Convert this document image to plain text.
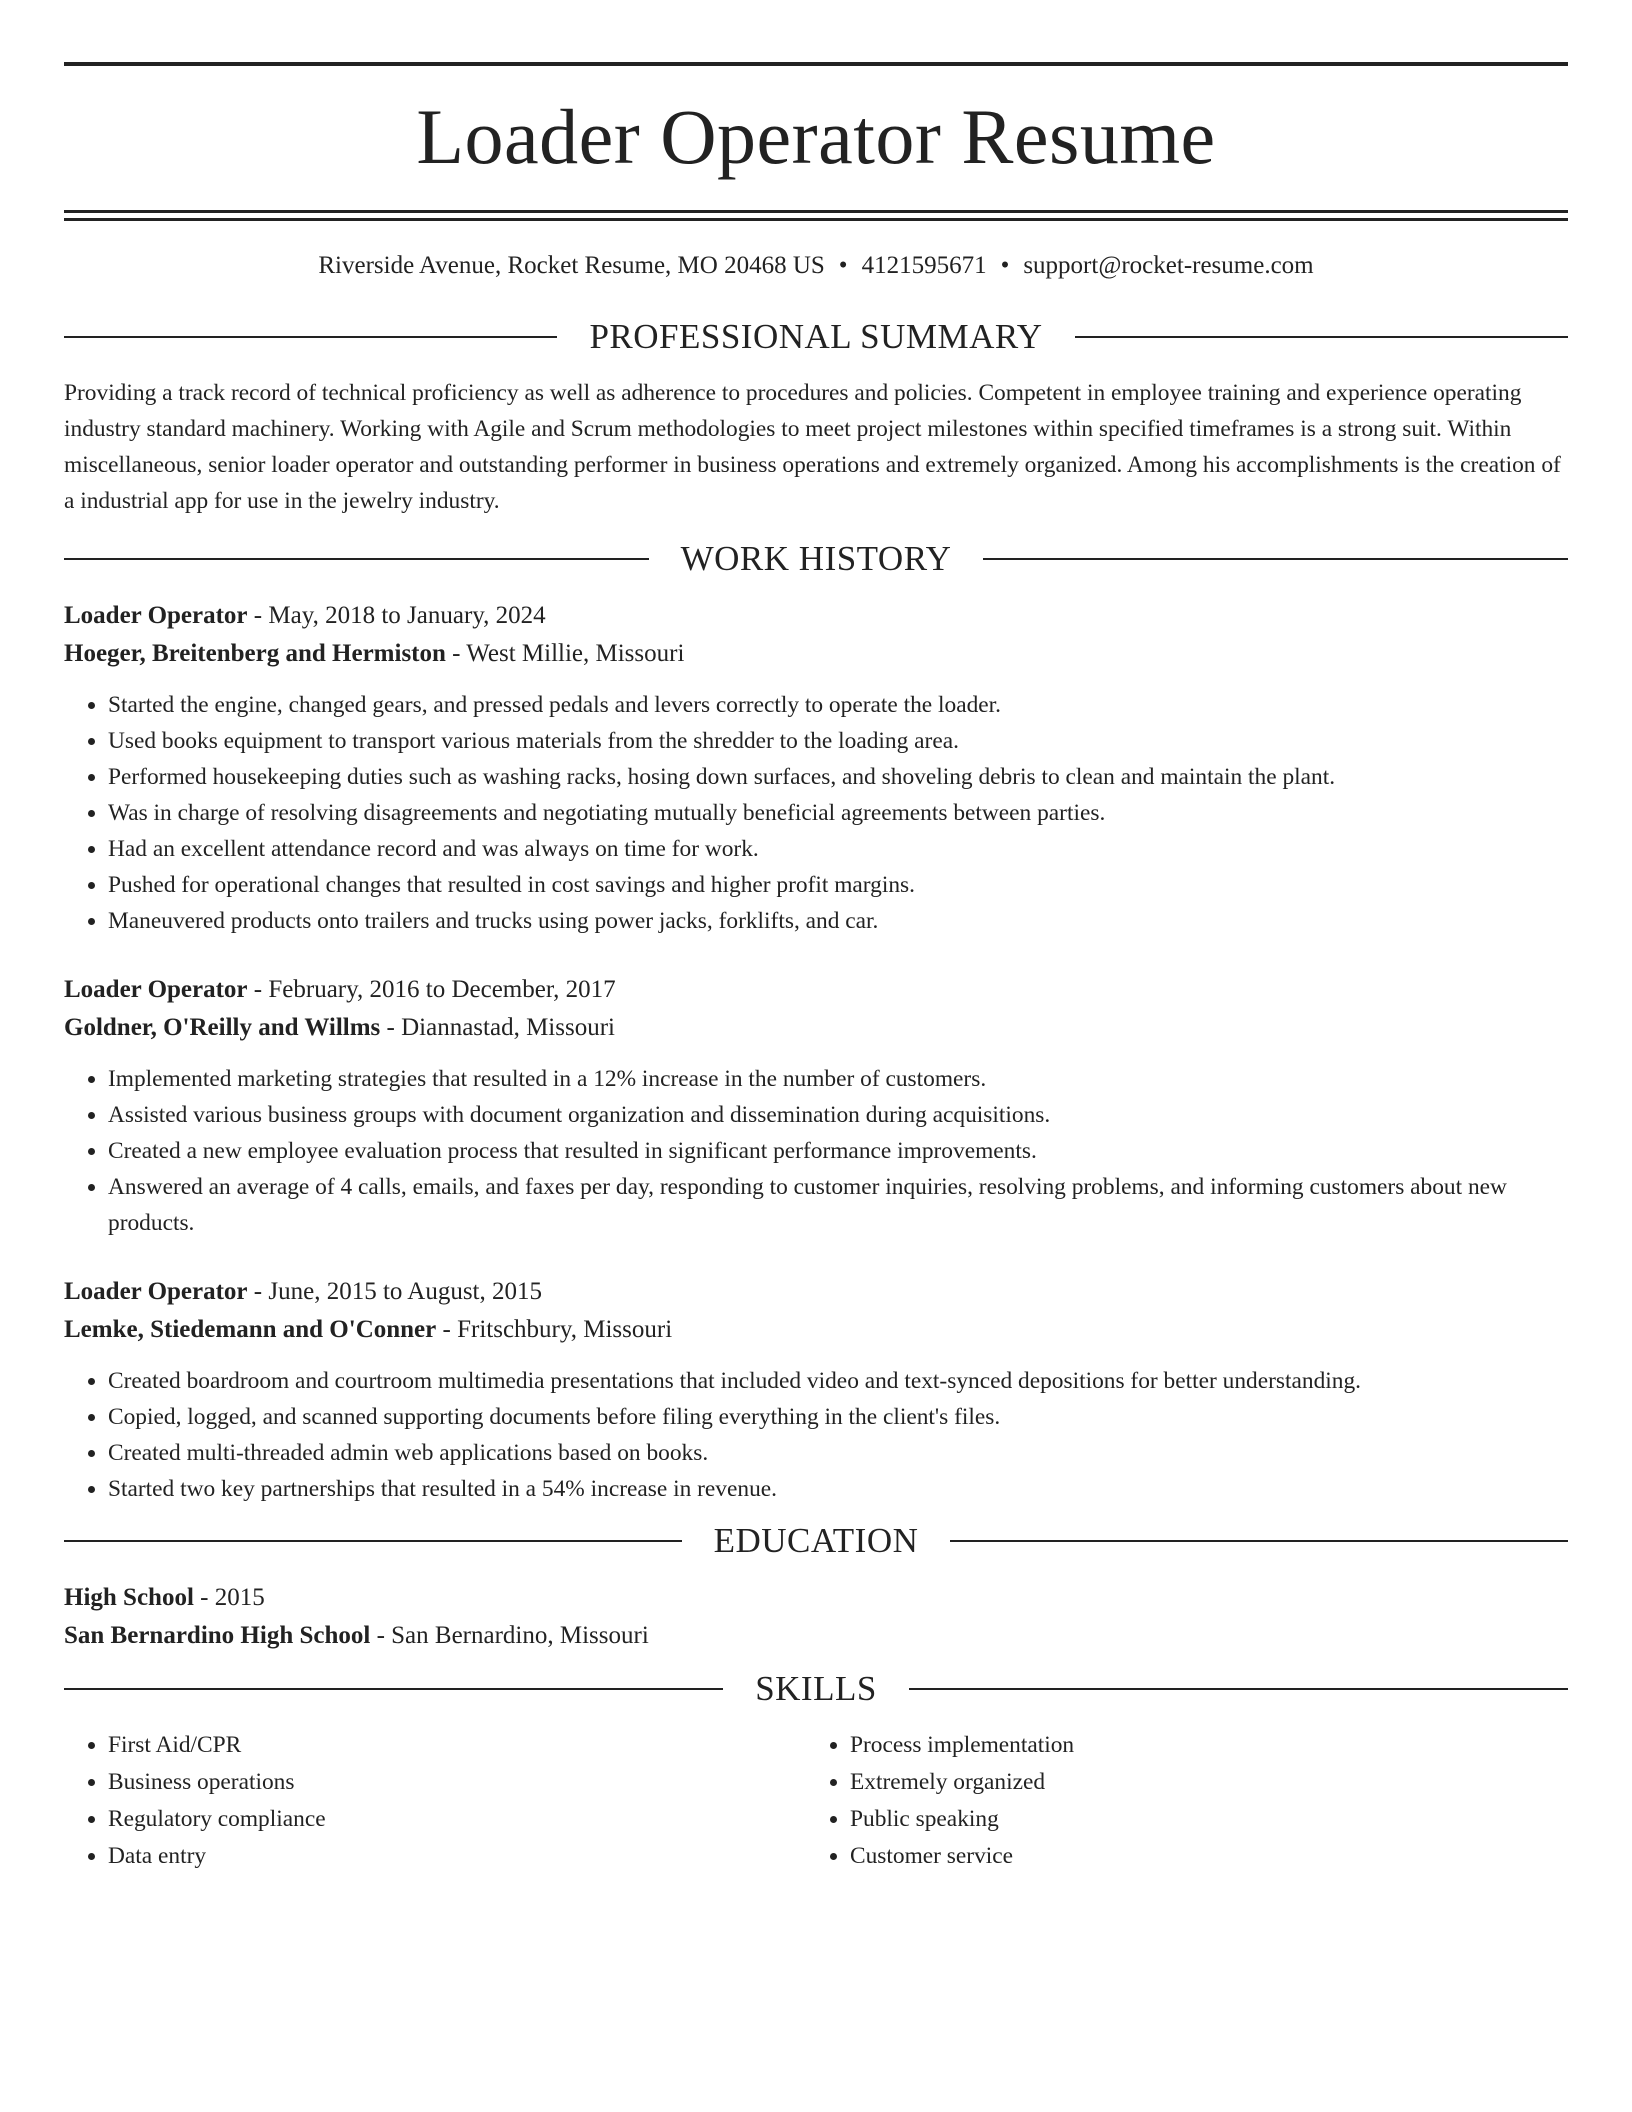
Loader Operator Resume
Riverside Avenue, Rocket Resume, MO 20468 US • 4121595671 • support@rocket-resume.com
PROFESSIONAL SUMMARY

Providing a track record of technical proficiency as well as adherence to procedures and policies. Competent in employee training and experience operating industry standard machinery. Working with Agile and Scrum methodologies to meet project milestones within specified timeframes is a strong suit. Within miscellaneous, senior loader operator and outstanding performer in business operations and extremely organized. Among his accomplishments is the creation of a industrial app for use in the jewelry industry.

WORK HISTORY
Loader Operator - May, 2018 to January, 2024
Hoeger, Breitenberg and Hermiston - West Millie, Missouri
• Started the engine, changed gears, and pressed pedals and levers correctly to operate the loader.
• Used books equipment to transport various materials from the shredder to the loading area.
• Performed housekeeping duties such as washing racks, hosing down surfaces, and shoveling debris to clean and maintain the plant.
• Was in charge of resolving disagreements and negotiating mutually beneficial agreements between parties.
• Had an excellent attendance record and was always on time for work.
• Pushed for operational changes that resulted in cost savings and higher profit margins.
• Maneuvered products onto trailers and trucks using power jacks, forklifts, and car.
Loader Operator - February, 2016 to December, 2017
Goldner, O'Reilly and Willms - Diannastad, Missouri
• Implemented marketing strategies that resulted in a 12% increase in the number of customers.
• Assisted various business groups with document organization and dissemination during acquisitions.
• Created a new employee evaluation process that resulted in significant performance improvements.
• Answered an average of 4 calls, emails, and faxes per day, responding to customer inquiries, resolving problems, and informing customers about new products.
Loader Operator - June, 2015 to August, 2015
Lemke, Stiedemann and O'Conner - Fritschbury, Missouri
• Created boardroom and courtroom multimedia presentations that included video and text-synced depositions for better understanding.
• Copied, logged, and scanned supporting documents before filing everything in the client's files.
• Created multi-threaded admin web applications based on books.
• Started two key partnerships that resulted in a 54% increase in revenue.
EDUCATION
High School - 2015
San Bernardino High School - San Bernardino, Missouri
SKILLS
• First Aid/CPR
• Business operations
• Regulatory compliance
• Data entry
• Process implementation
• Extremely organized
• Public speaking
• Customer service
